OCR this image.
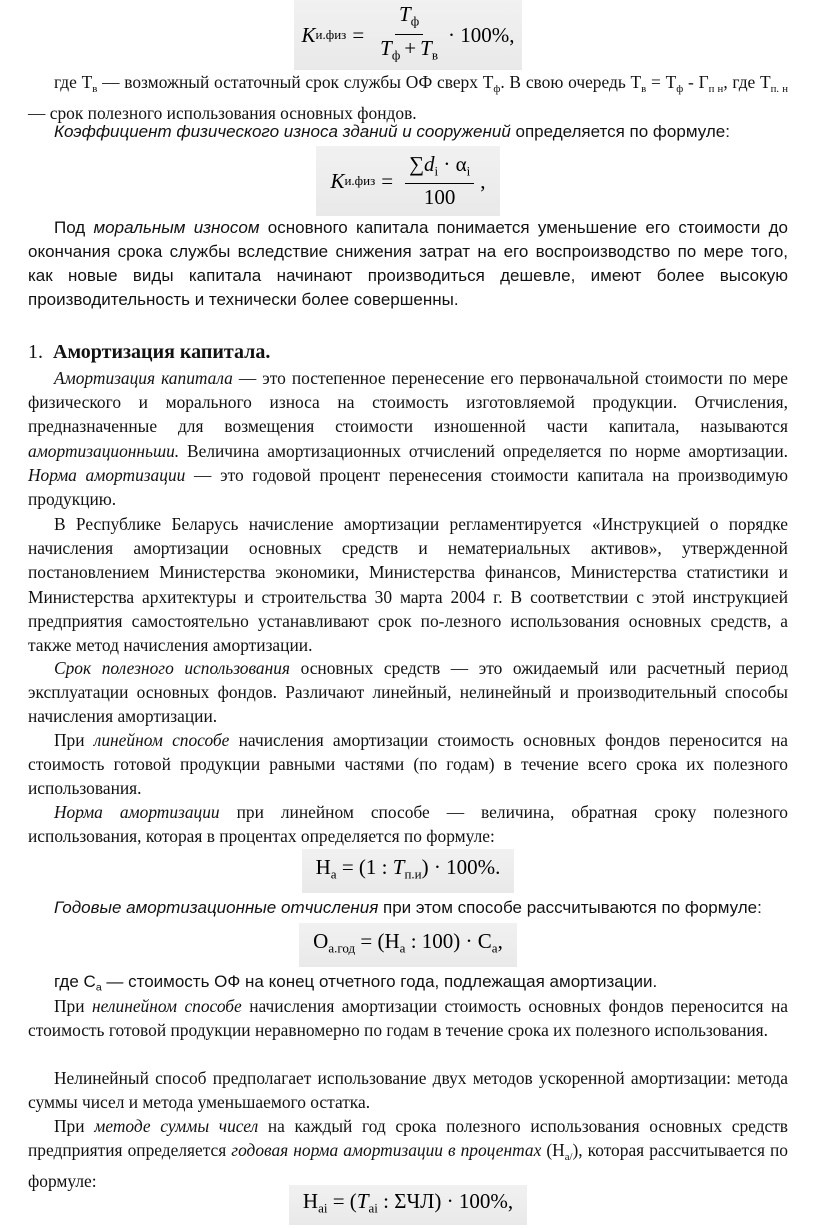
K $и.физ = \frac{T_ф}{T_ф + T_в} \cdot 100\%$,

где $Т_в$ — возможный остаточный срок службы ОФ сверх $Т_ф$. В свою очередь $Т_в = Т_ф - Г_{п н}$, где $Т_{п. н}$ — срок полезного использования основных фондов.

Коэффициент физического износа зданий и сооружений определяется по формуле:

K $и.физ = \frac{\sum d_i \cdot \alpha_i}{100}$ ,

Под моральным износом основного капитала понимается уменьшение его стоимости до окончания срока службы вследствие снижения затрат на его воспроизводство по мере того, как новые виды капитала начинают производиться дешевле, имеют более высокую производительность и технически более совершенны.

1. Амортизация капитала.

Амортизация капитала — это постепенное перенесение его первоначальной стоимости по мере физического и морального износа на стоимость изготовляемой продукции. Отчисления, предназначенные для возмещения стоимости изношенной части капитала, называются амортизационньши. Величина амортизационных отчислений определяется по норме амортизации. Норма амортизации — это годовой процент перенесения стоимости капитала на производимую продукцию.

В Республике Беларусь начисление амортизации регламентируется «Инструкцией о порядке начисления амортизации основных средств и нематериальных активов», утвержденной постановлением Министерства экономики, Министерства финансов, Министерства статистики и Министерства архитектуры и строительства 30 марта 2004 г. В соответствии с этой инструкцией предприятия самостоятельно устанавливают срок по-лезного использования основных средств, а также метод начисления амортизации.

Срок полезного использования основных средств — это ожидаемый или расчетный период эксплуатации основных фондов. Различают линейный, нелинейный и производительный способы начисления амортизации.

При линейном способе начисления амортизации стоимость основных фондов переносится на стоимость готовой продукции равными частями (по годам) в течение всего срока их полезного использования.

Норма амортизации при линейном способе — величина, обратная сроку полезного использования, которая в процентах определяется по формуле:

$Н_а = (1$ : $T_{п.и}) \cdot 100\%$.

Годовые амортизационные отчисления при этом способе рассчитываются по формуле:

$О_{а.год} = (Н_а$ : $100) \cdot С_а$,

где $С_а$ — стоимость ОФ на конец отчетного года, подлежащая амортизации.

При нелинейном способе начисления амортизации стоимость основных фондов переносится на стоимость готовой продукции неравномерно по годам в течение срока их полезного использования.

Нелинейный способ предполагает использование двух методов ускоренной амортизации: метода суммы чисел и метода уменьшаемого остатка.

При методе суммы чисел на каждый год срока полезного использования основных средств предприятия определяется годовая норма амортизации в процентах $(Н_{а/})$, которая рассчитывается по формуле:

$Н_{аi} = (T_{аi}$ : ΣЧЛ) · 100%,
